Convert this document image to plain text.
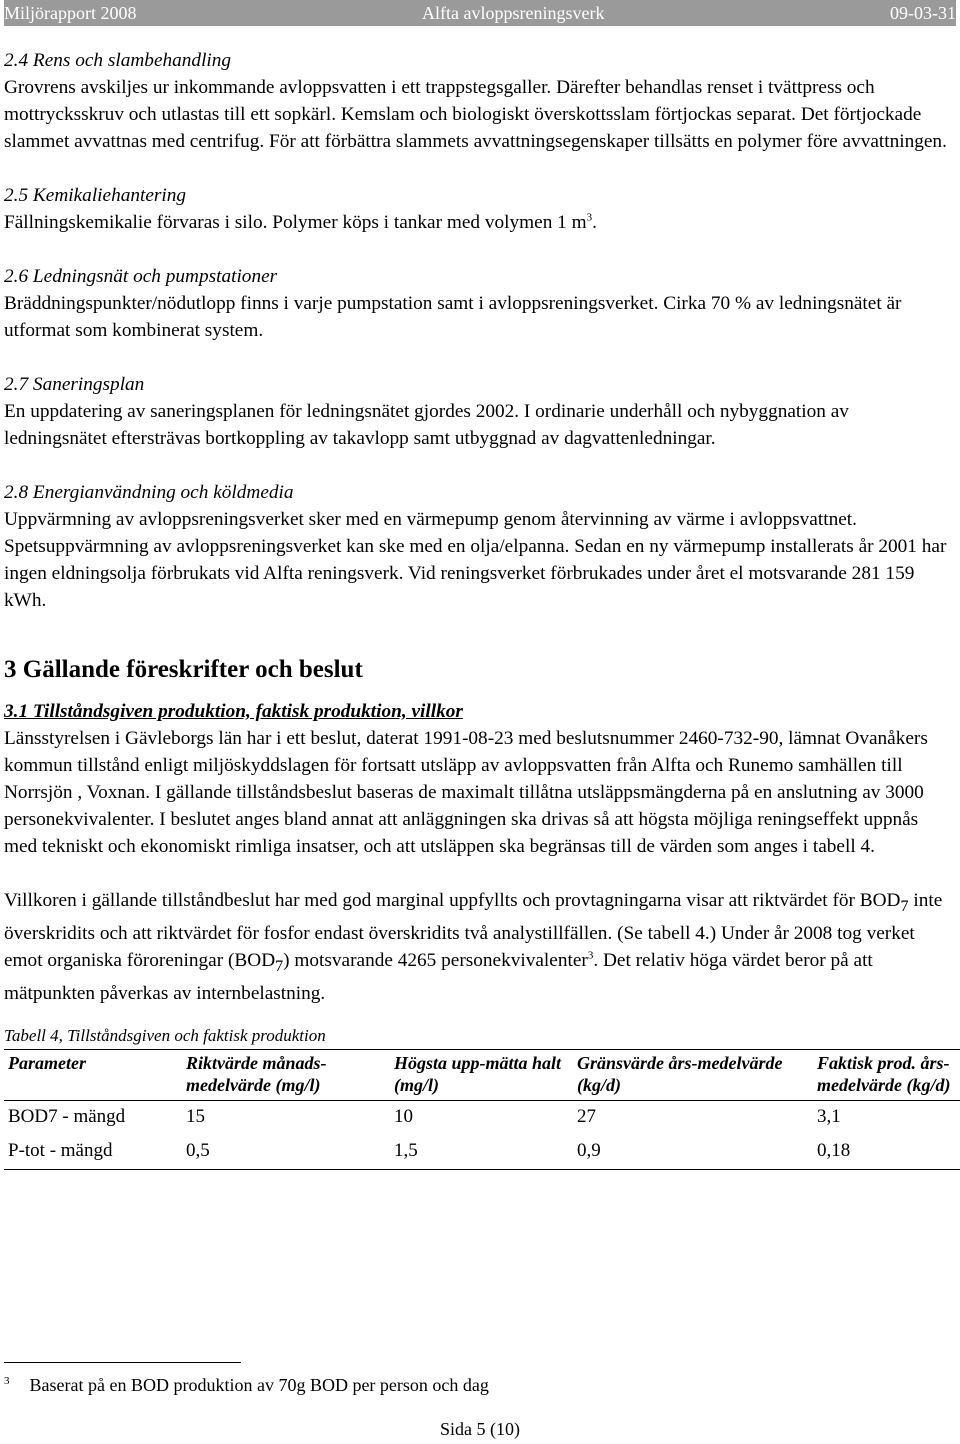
Miljörapport 2008	Alfta avloppsreningsverk	09-03-31

2.4 Rens och slambehandling

Grovrens avskiljes ur inkommande avloppsvatten i ett trappstegsgaller. Därefter behandlas renset i tvättpress och mottrycksskruv och utlastas till ett sopkärl. Kemslam och biologiskt överskottsslam förtjockas separat. Det förtjockade slammet avvattnas med centrifug. För att förbättra slammets avvattningsegenskaper tillsätts en polymer före avvattningen.

2.5 Kemikaliehantering

Fällningskemikalie förvaras i silo. Polymer köps i tankar med volymen 1 $m^3$.

2.6 Ledningsnät och pumpstationer

Bräddningspunkter/nödutlopp finns i varje pumpstation samt i avloppsreningsverket. Cirka 70 % av ledningsnätet är utformat som kombinerat system.

2.7 Saneringsplan

En uppdatering av saneringsplanen för ledningsnätet gjordes 2002. I ordinarie underhåll och nybyggnation av ledningsnätet eftersträvas bortkoppling av takavlopp samt utbyggnad av dagvattenledningar.

2.8 Energianvändning och köldmedia

Uppvärmning av avloppsreningsverket sker med en värmepump genom återvinning av värme i avloppsvattnet. Spetsuppvärmning av avloppsreningsverket kan ske med en olja/elpanna. Sedan en ny värmepump installerats år 2001 har ingen eldningsolja förbrukats vid Alfta reningsverk. Vid reningsverket förbrukades under året el motsvarande 281 159 kWh.

3 Gällande föreskrifter och beslut

3.1 Tillståndsgiven produktion, faktisk produktion, villkor

Länsstyrelsen i Gävleborgs län har i ett beslut, daterat 1991-08-23 med beslutsnummer 2460-732-90, lämnat Ovanåkers kommun tillstånd enligt miljöskyddslagen för fortsatt utsläpp av avloppsvatten från Alfta och Runemo samhällen till Norrsjön , Voxnan. I gällande tillståndsbeslut baseras de maximalt tillåtna utsläppsmängderna på en anslutning av 3000 personekvivalenter. I beslutet anges bland annat att anläggningen ska drivas så att högsta möjliga reningseffekt uppnås med tekniskt och ekonomiskt rimliga insatser, och att utsläppen ska begränsas till de värden som anges i tabell 4.

Villkoren i gällande tillståndbeslut har med god marginal uppfyllts och provtagningarna visar att riktvärdet för $BOD_7$ inte överskridits och att riktvärdet för fosfor endast överskridits två analystillfällen. (Se tabell 4.) Under år 2008 tog verket emot organiska föroreningar $(BOD_7)$ motsvarande 4265 personekvivalenter$^3$. Det relativ höga värdet beror på att mätpunkten påverkas av internbelastning.

Tabell 4, Tillståndsgiven och faktisk produktion

Parameter	Riktvärde månads-medelvärde (mg/l)	Högsta upp-mätta halt (mg/l)	Gränsvärde års-medelvärde (kg/d)	Faktisk prod. års-medelvärde (kg/d)
BOD7 - mängd	15	10	27	3,1
P-tot - mängd	0,5	1,5	0,9	0,18
$^3$ Baserat på en BOD produktion av 70g BOD per person och dag
Sida 5 (10)
